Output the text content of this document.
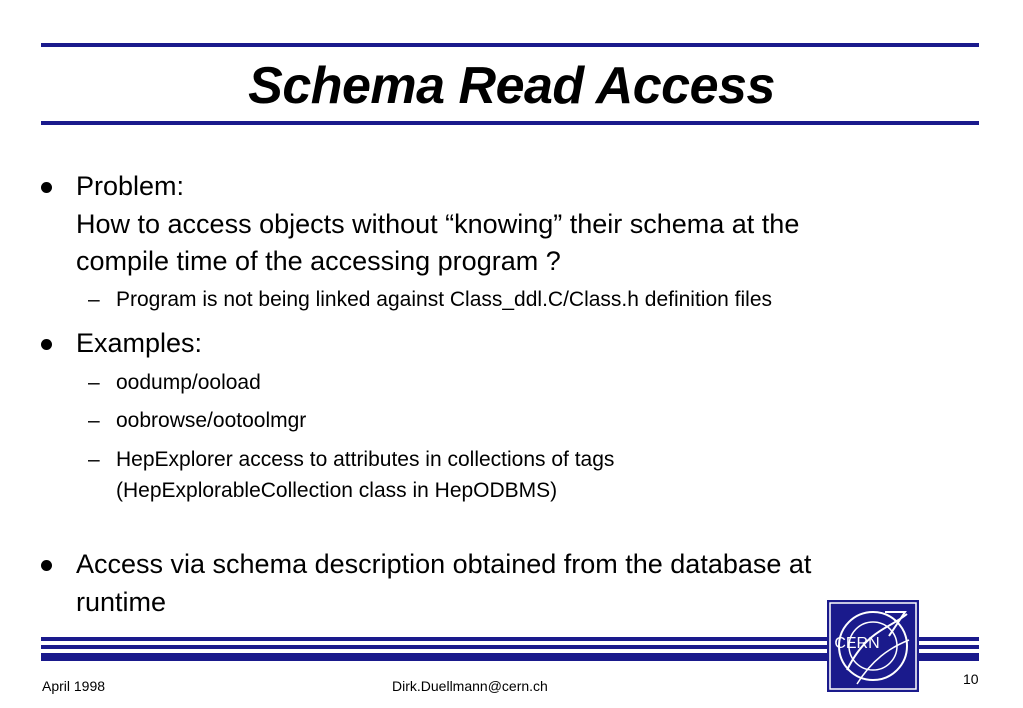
Schema Read Access
Problem:
How to access objects without “knowing” their schema at the
compile time of the accessing program ?
– Program is not being linked against Class_ddl.C/Class.h definition files
Examples:
– oodump/ooload
– oobrowse/ootoolmgr
– HepExplorer access to attributes in collections of tags
(HepExplorableCollection class in HepODBMS)
Access via schema description obtained from the database at
runtime
CERN
April 1998	Dirk.Duellmann@cern.ch	10
